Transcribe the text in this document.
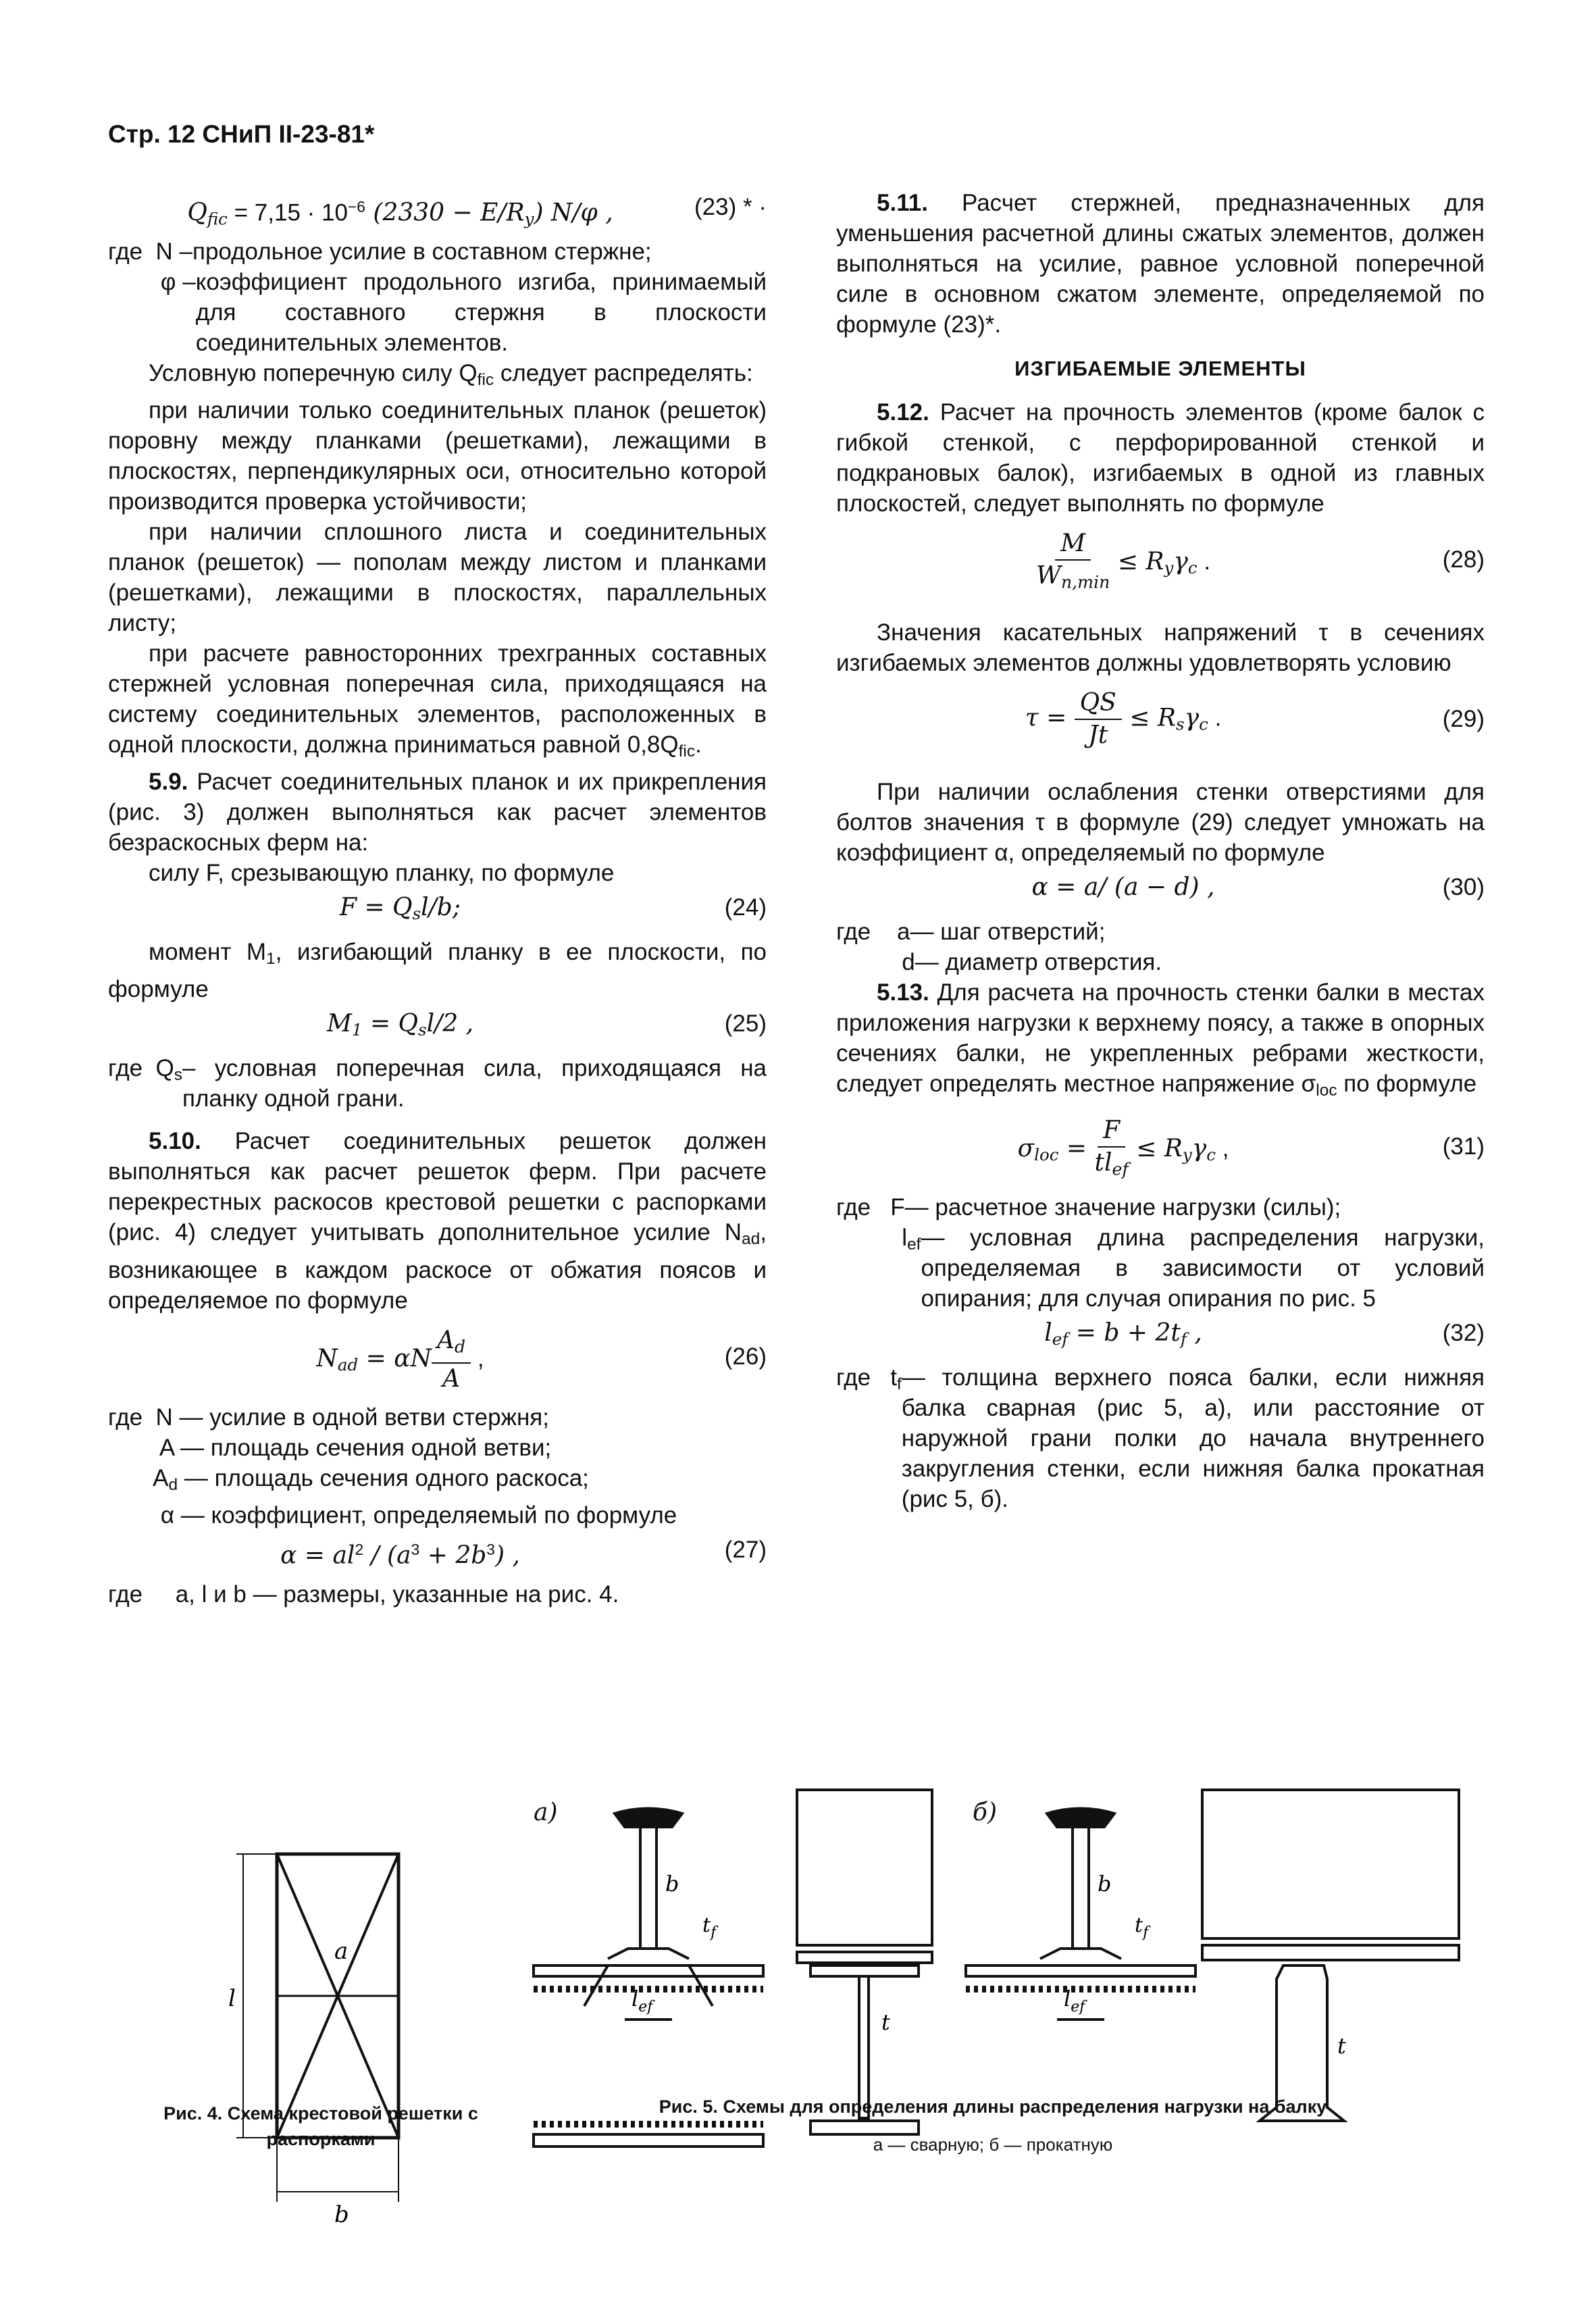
Стр. 12 СНиП II-23-81*
$Q_{fic} = 7,15 \cdot 10^{-6}$ $(2330 - E/R_y)$ N/φ ,	(23) * ·
где  N – продольное усилие в составном стержне;
φ – коэффициент продольного изгиба, принимаемый для составного стержня в плоскости соединительных элементов.

Условную поперечную силу $Q_{fic}$ следует распределять:

при наличии только соединительных планок (решеток) поровну между планками (решетками), лежащими в плоскостях, перпендикулярных оси, относительно которой производится проверка устойчивости;

при наличии сплошного листа и соединительных планок (решеток) — пополам между листом и планками (решетками), лежащими в плоскостях, параллельных листу;

при расчете равносторонних трехгранных составных стержней условная поперечная сила, приходящаяся на систему соединительных элементов, расположенных в одной плоскости, должна приниматься равной $0,8Q_{fic}$.

5.9. Расчет соединительных планок и их прикрепления (рис. 3) должен выполняться как расчет элементов безраскосных ферм на:

силу F, срезывающую планку, по формуле

$F = Q_sl/b$;	(24)

момент $M_1$, изгибающий планку в ее плоскости, по формуле

$M_1 = Q_sl/2$ ,	(25)
где  $Q_s$ – условная поперечная сила, приходящаяся на планку одной грани.

5.10. Расчет соединительных решеток должен выполняться как расчет решеток ферм. При расчете перекрестных раскосов крестовой решетки с распорками (рис. 4) следует учитывать дополнительное усилие $N_{ad}$, возникающее в каждом раскосе от обжатия поясов и определяемое по формуле

$N_{ad} = \alpha N \frac{A_d}{A}$ ,	(26)
где  N — усилие в одной ветви стержня;
A — площадь сечения одной ветви;
$A_d$ — площадь сечения одного раскоса;
α — коэффициент, определяемый по формуле
$\alpha = al^2 / (a^3 + 2b^3)$ ,	(27)

где     a, l и b — размеры, указанные на рис. 4.

5.11. Расчет стержней, предназначенных для уменьшения расчетной длины сжатых элементов, должен выполняться на усилие, равное условной поперечной силе в основном сжатом элементе, определяемой по формуле (23)*.

ИЗГИБАЕМЫЕ ЭЛЕМЕНТЫ

5.12. Расчет на прочность элементов (кроме балок с гибкой стенкой, с перфорированной стенкой и подкрановых балок), изгибаемых в одной из главных плоскостей, следует выполнять по формуле

$\frac{M}{W_{n,min}} \le R_y\gamma_c$ .	(28)

Значения касательных напряжений τ в сечениях изгибаемых элементов должны удовлетворять условию

$\tau = \frac{QS}{Jt} \le R_s\gamma_c$ .	(29)

При наличии ослабления стенки отверстиями для болтов значения τ в формуле (29) следует умножать на коэффициент α, определяемый по формуле

α = a/ (a − d) ,	(30)
где    a — шаг отверстий;
d — диаметр отверстия.

5.13. Для расчета на прочность стенки балки в местах приложения нагрузки к верхнему поясу, а также в опорных сечениях балки, не укрепленных ребрами жесткости, следует определять местное напряжение $\sigma_{loc}$ по формуле

$\sigma_{loc} = \frac{F}{tl_{ef}} \le R_y\gamma_c$ ,	(31)
где   F — расчетное значение нагрузки (силы);
$l_{ef}$ — условная длина распределения нагрузки, определяемая в зависимости от условий опирания; для случая опирания по рис. 5
$l_{ef} = b + 2t_f$ ,	(32)
где   $t_f$ — толщина верхнего пояса балки, если нижняя балка сварная (рис 5, а), или расстояние от наружной грани полки до начала внутреннего закругления стенки, если нижняя балка прокатная (рис 5, б).
l
a
b
а)	б)
b
$t_f$
$l_{ef}$
t
b
$t_f$
$l_{ef}$
t
Рис. 4. Схема крестовой решетки с распорками
Рис. 5. Схемы для определения длины распределения нагрузки на балку
а — сварную; б — прокатную
